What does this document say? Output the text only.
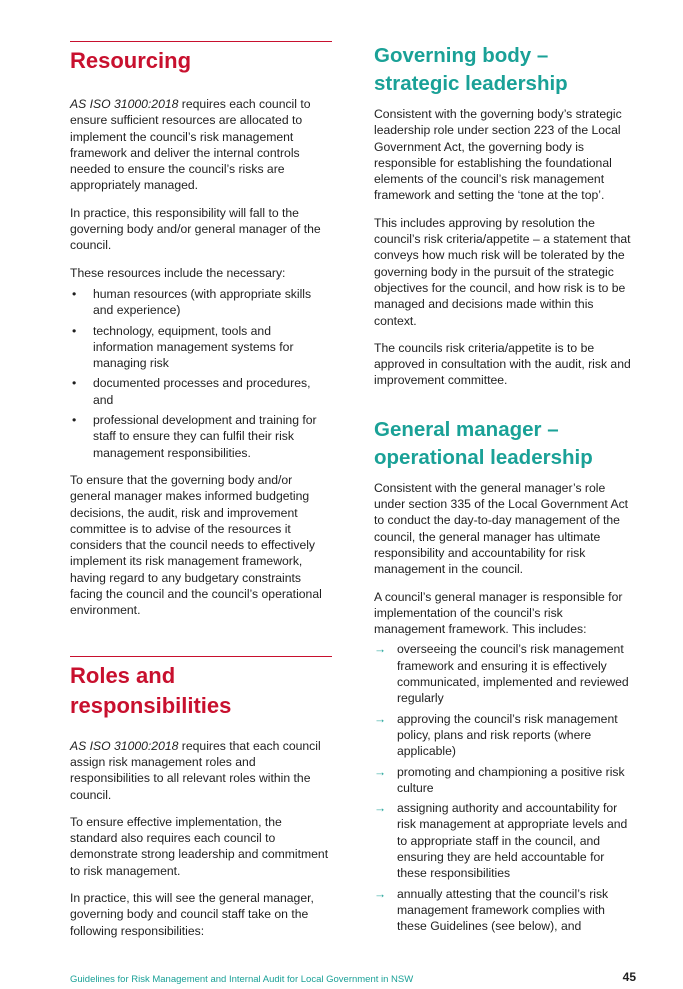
Resourcing

AS ISO 31000:2018 requires each council to ensure sufficient resources are allocated to implement the council’s risk management framework and deliver the internal controls needed to ensure the council’s risks are appropriately managed.

In practice, this responsibility will fall to the governing body and/or general manager of the council.

These resources include the necessary:

• human resources (with appropriate skills and experience)
• technology, equipment, tools and information management systems for managing risk
• documented processes and procedures, and
• professional development and training for staff to ensure they can fulfil their risk management responsibilities.

To ensure that the governing body and/or general manager makes informed budgeting decisions, the audit, risk and improvement committee is to advise of the resources it considers that the council needs to effectively implement its risk management framework, having regard to any budgetary constraints facing the council and the council’s operational environment.

Roles and responsibilities

AS ISO 31000:2018 requires that each council assign risk management roles and responsibilities to all relevant roles within the council.

To ensure effective implementation, the standard also requires each council to demonstrate strong leadership and commitment to risk management.

In practice, this will see the general manager, governing body and council staff take on the following responsibilities:

Governing body – strategic leadership

Consistent with the governing body’s strategic leadership role under section 223 of the Local Government Act, the governing body is responsible for establishing the foundational elements of the council’s risk management framework and setting the ‘tone at the top’.

This includes approving by resolution the council’s risk criteria/appetite – a statement that conveys how much risk will be tolerated by the governing body in the pursuit of the strategic objectives for the council, and how risk is to be managed and decisions made within this context.

The councils risk criteria/appetite is to be approved in consultation with the audit, risk and improvement committee.

General manager – operational leadership

Consistent with the general manager’s role under section 335 of the Local Government Act to conduct the day-to-day management of the council, the general manager has ultimate responsibility and accountability for risk management in the council.

A council’s general manager is responsible for implementation of the council’s risk management framework. This includes:

→ overseeing the council’s risk management framework and ensuring it is effectively communicated, implemented and reviewed regularly
→ approving the council’s risk management policy, plans and risk reports (where applicable)
→ promoting and championing a positive risk culture
→ assigning authority and accountability for risk management at appropriate levels and to appropriate staff in the council, and ensuring they are held accountable for these responsibilities
→ annually attesting that the council’s risk management framework complies with these Guidelines (see below), and
Guidelines for Risk Management and Internal Audit for Local Government in NSW	45
